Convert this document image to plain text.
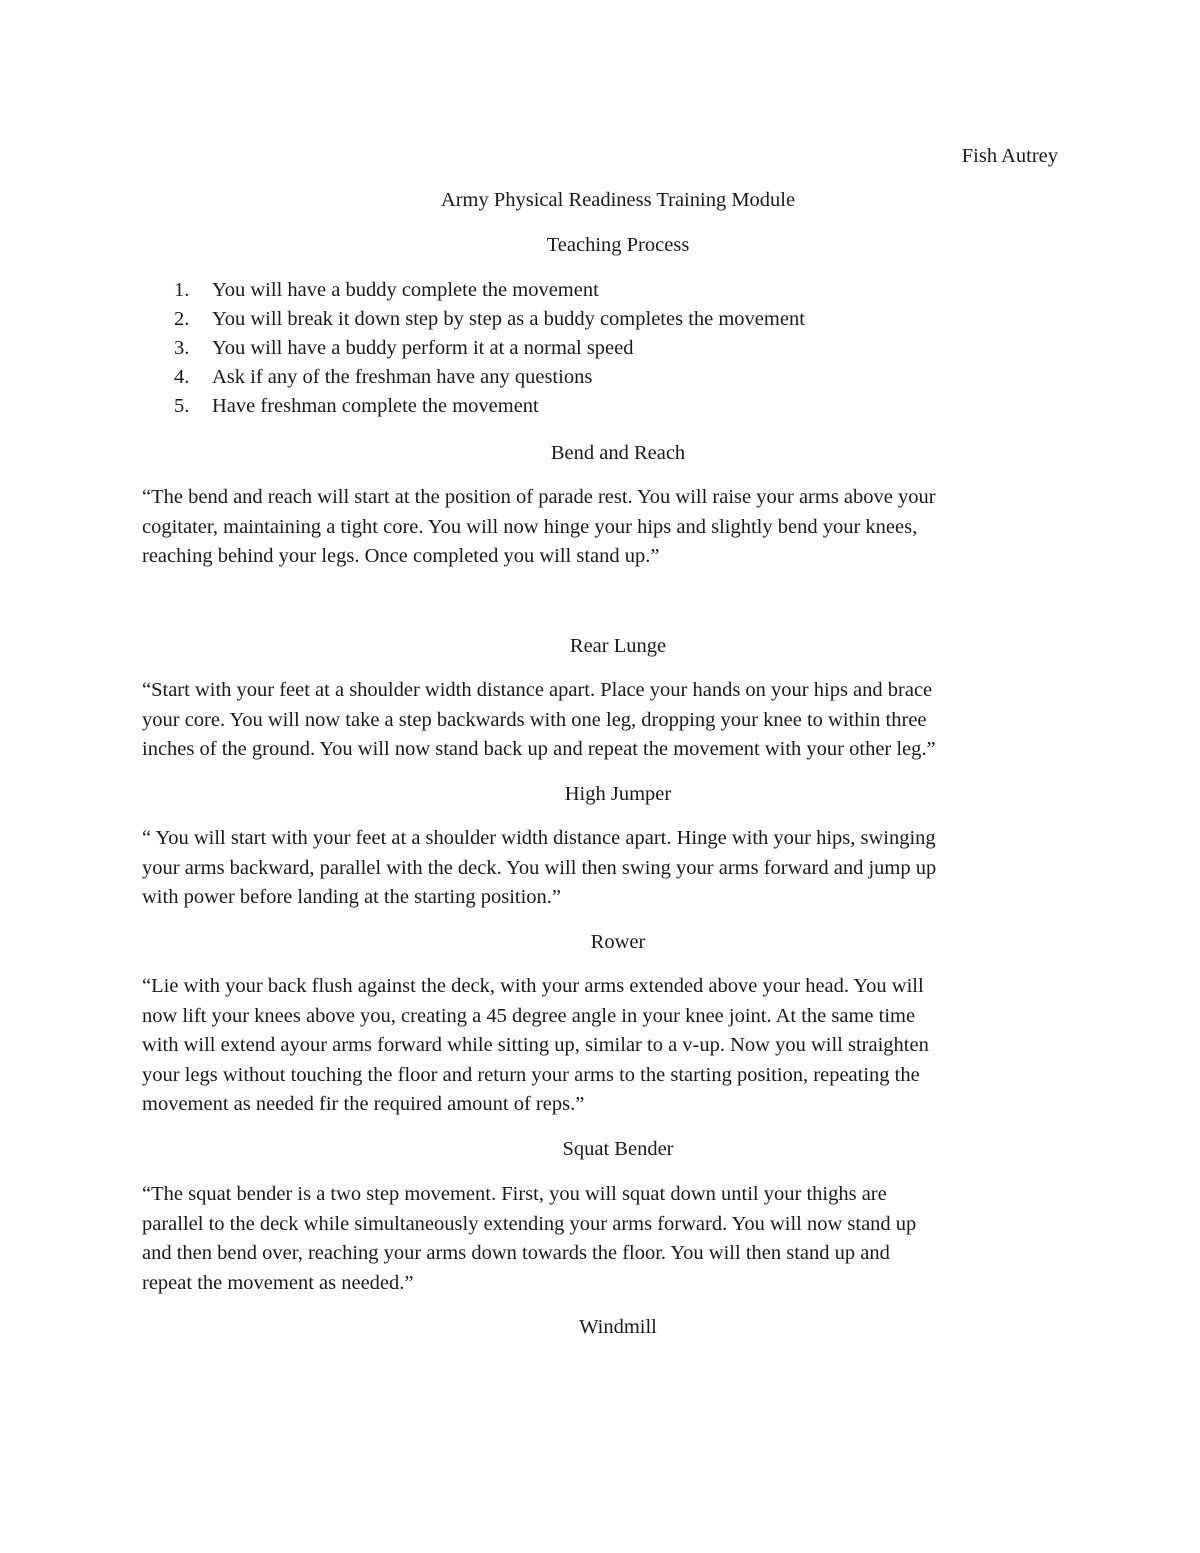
Fish Autrey
Army Physical Readiness Training Module
Teaching Process
1. You will have a buddy complete the movement
2. You will break it down step by step as a buddy completes the movement
3. You will have a buddy perform it at a normal speed
4. Ask if any of the freshman have any questions
5. Have freshman complete the movement
Bend and Reach
“The bend and reach will start at the position of parade rest. You will raise your arms above your
cogitater, maintaining a tight core. You will now hinge your hips and slightly bend your knees,
reaching behind your legs. Once completed you will stand up.”
Rear Lunge
“Start with your feet at a shoulder width distance apart. Place your hands on your hips and brace
your core. You will now take a step backwards with one leg, dropping your knee to within three
inches of the ground. You will now stand back up and repeat the movement with your other leg.”
High Jumper
“ You will start with your feet at a shoulder width distance apart. Hinge with your hips, swinging
your arms backward, parallel with the deck. You will then swing your arms forward and jump up
with power before landing at the starting position.”
Rower
“Lie with your back flush against the deck, with your arms extended above your head. You will
now lift your knees above you, creating a 45 degree angle in your knee joint. At the same time
with will extend ayour arms forward while sitting up, similar to a v-up. Now you will straighten
your legs without touching the floor and return your arms to the starting position, repeating the
movement as needed fir the required amount of reps.”
Squat Bender
“The squat bender is a two step movement. First, you will squat down until your thighs are
parallel to the deck while simultaneously extending your arms forward. You will now stand up
and then bend over, reaching your arms down towards the floor. You will then stand up and
repeat the movement as needed.”
Windmill
